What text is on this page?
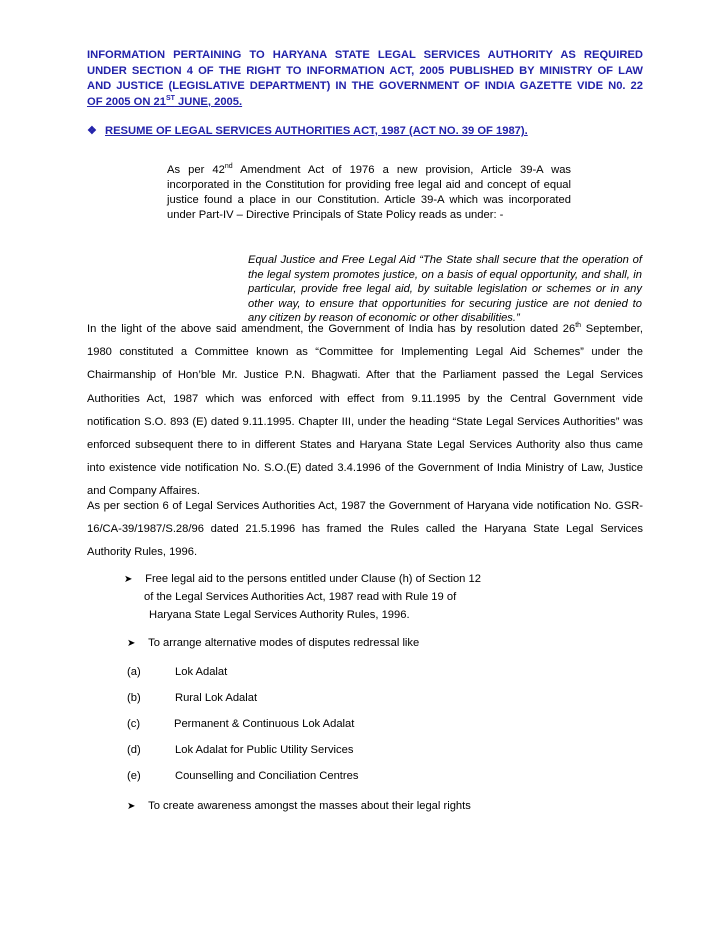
INFORMATION PERTAINING TO HARYANA STATE LEGAL SERVICES AUTHORITY AS REQUIRED
UNDER SECTION 4 OF THE RIGHT TO INFORMATION ACT, 2005 PUBLISHED BY MINISTRY OF LAW
AND JUSTICE (LEGISLATIVE DEPARTMENT) IN THE GOVERNMENT OF INDIA GAZETTE VIDE N0. 22
OF 2005 ON 21ST JUNE, 2005.
❖ RESUME OF LEGAL SERVICES AUTHORITIES ACT, 1987 (ACT NO. 39 OF 1987).
As per 42nd Amendment Act of 1976 a new provision, Article 39-A was
incorporated in the Constitution for providing free legal aid and concept of equal
justice found a place in our Constitution. Article 39-A which was incorporated
under Part-IV – Directive Principals of State Policy reads as under: -
Equal Justice and Free Legal Aid “The State shall secure that the operation of
the legal system promotes justice, on a basis of equal opportunity, and shall, in
particular, provide free legal aid, by suitable legislation or schemes or in any
other way, to ensure that opportunities for securing justice are not denied to
any citizen by reason of economic or other disabilities.”
In the light of the above said amendment, the Government of India has by resolution dated 26th September,
1980 constituted a Committee known as “Committee for Implementing Legal Aid Schemes” under the
Chairmanship of Hon’ble Mr. Justice P.N. Bhagwati. After that the Parliament passed the Legal Services
Authorities Act, 1987 which was enforced with effect from 9.11.1995 by the Central Government vide
notification S.O. 893 (E) dated 9.11.1995. Chapter III, under the heading “State Legal Services Authorities” was
enforced subsequent there to in different States and Haryana State Legal Services Authority also thus came
into existence vide notification No. S.O.(E) dated 3.4.1996 of the Government of India Ministry of Law, Justice
and Company Affaires.
As per section 6 of Legal Services Authorities Act, 1987 the Government of Haryana vide notification No. GSR-
16/CA-39/1987/S.28/96 dated 21.5.1996 has framed the Rules called the Haryana State Legal Services
Authority Rules, 1996.
➤ Free legal aid to the persons entitled under Clause (h) of Section 12
of the Legal Services Authorities Act, 1987 read with Rule 19 of
Haryana State Legal Services Authority Rules, 1996.
➤ To arrange alternative modes of disputes redressal like
(a)	Lok Adalat
(b)	Rural Lok Adalat
(c)	Permanent & Continuous Lok Adalat
(d)	Lok Adalat for Public Utility Services
(e)	Counselling and Conciliation Centres
➤ To create awareness amongst the masses about their legal rights
